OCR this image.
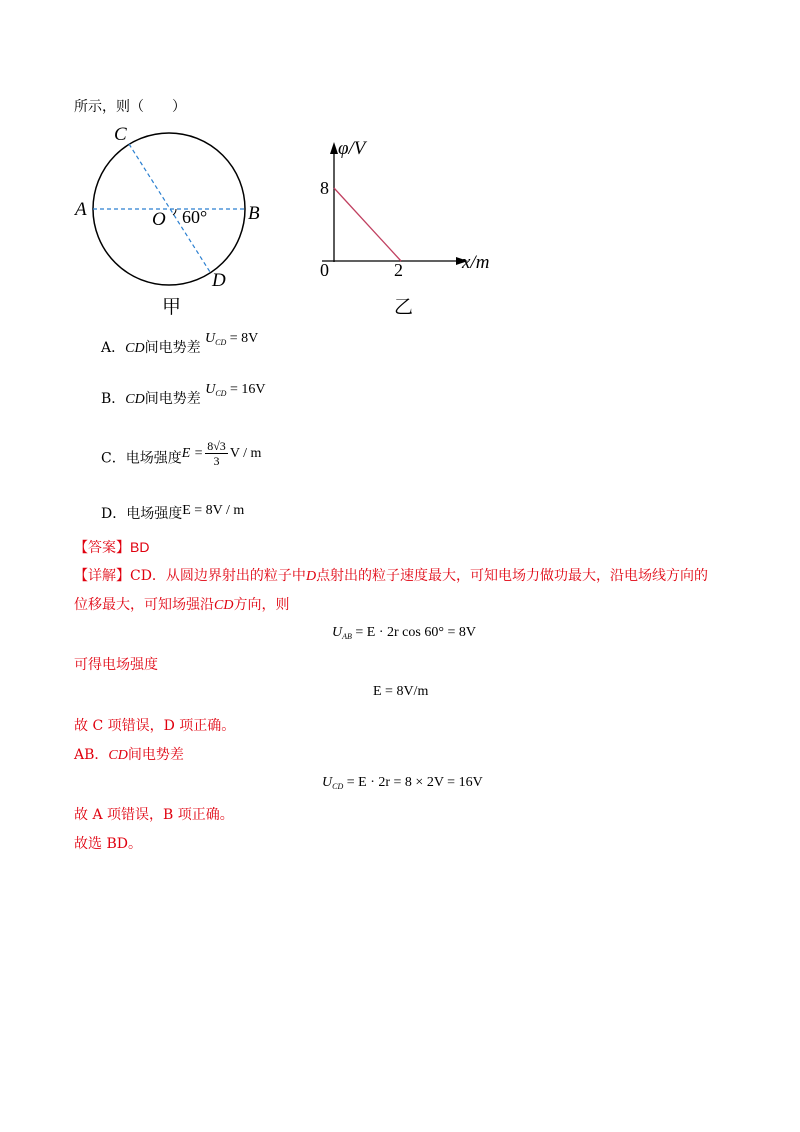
所示，则（　　）
C
A	O 60° B
D
甲
φ/V
8
0	2	x/m
乙
A．CD间电势差 $U_{CD} = 8V$
B．CD间电势差 $U_{CD} = 16V$
C．电场强度$E = \frac{8√3}{3}$ V / m
D．电场强度E = 8V / m
【答案】BD
【详解】CD．从圆边界射出的粒子中D点射出的粒子速度最大，可知电场力做功最大，沿电场线方向的
位移最大，可知场强沿CD方向，则
$U_{AB} = E \cdot 2r$ cos 60° = 8V
可得电场强度
E = 8V/m
故 C 项错误，D 项正确。
AB．CD间电势差
$U_{CD} = E \cdot 2r = 8 \times 2V = 16V$
故 A 项错误，B 项正确。
故选 BD。
